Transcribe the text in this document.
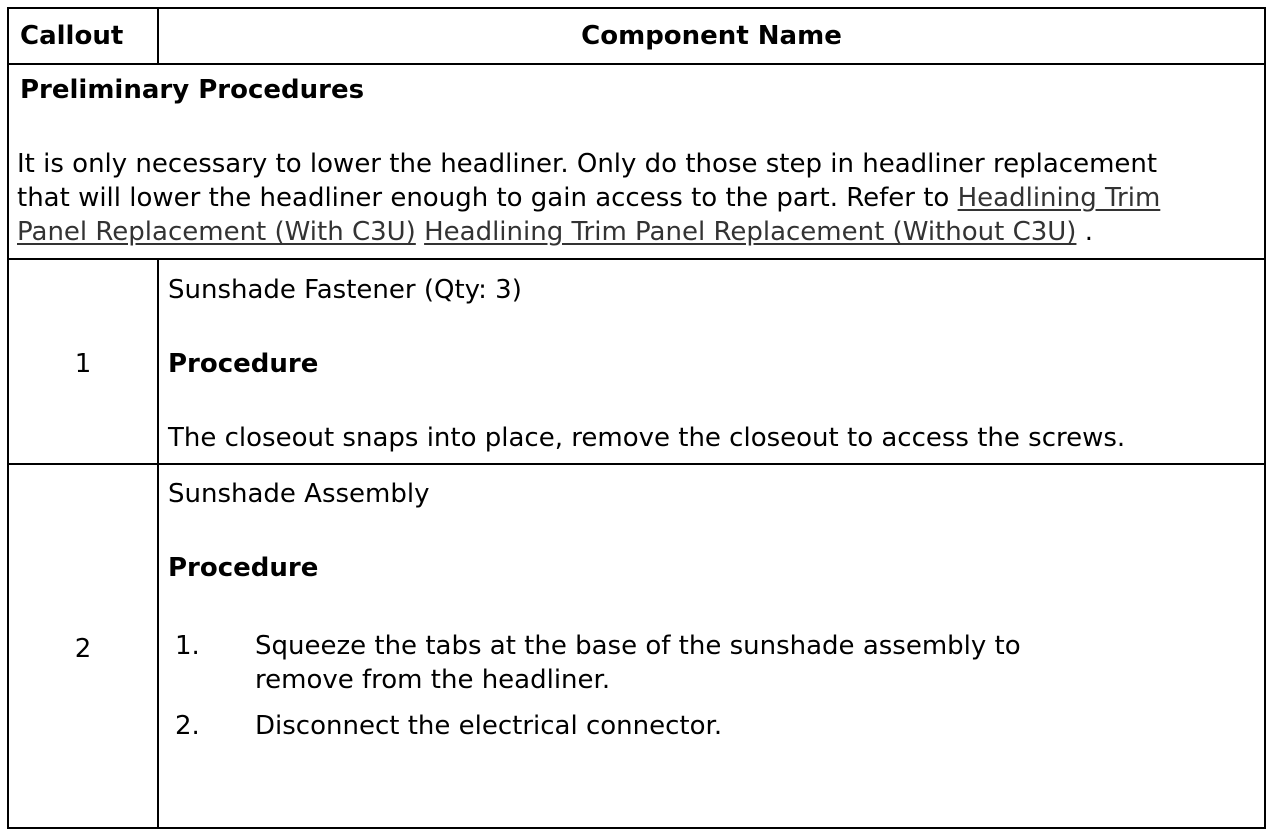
Callout	Component Name
Preliminary Procedures
It is only necessary to lower the headliner. Only do those step in headliner replacement
that will lower the headliner enough to gain access to the part. Refer to Headlining Trim
Panel Replacement (With C3U) Headlining Trim Panel Replacement (Without C3U) .
1
Sunshade Fastener (Qty: 3)
Procedure
The closeout snaps into place, remove the closeout to access the screws.
2
Sunshade Assembly
Procedure
1. Squeeze the tabs at the base of the sunshade assembly to
remove from the headliner.
2. Disconnect the electrical connector.
